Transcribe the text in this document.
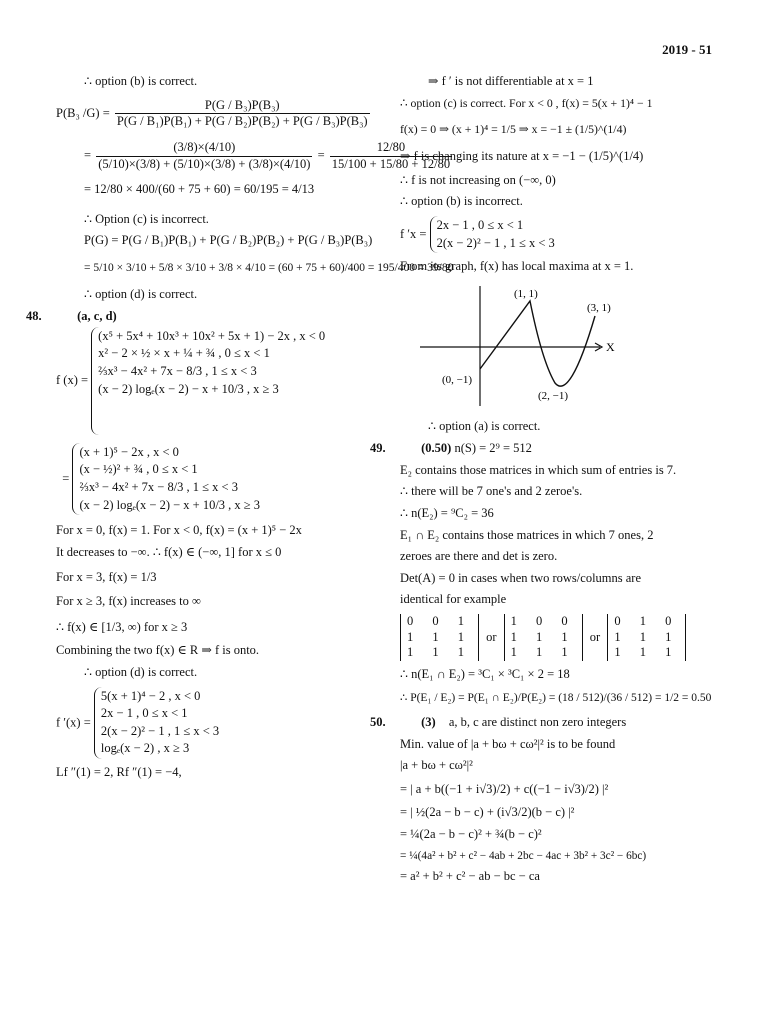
2019 - 51
∴ option (b) is correct.
P(B₃ $/G) = \frac{\text{P(G / B₃)P(B₃)}}{\text{P(G / B₁)P(B₁) + P(G / B₂)P(B₂) + P(G / B₃)P(B₃)}}$
= $\frac{(3/8)\times(4/10)}{(5/10)\times(3/8) + (5/10)\times(3/8) + (3/8)\times(4/10)} = \frac{12/80}{15/100 + 15/80 + 12/80}$
= 12/80 × 400/(60 + 75 + 60) = 60/195 = 4/13
∴ Option (c) is incorrect.
P(G) = P(G / B₁)P(B₁) + P(G / B₂)P(B₂) + P(G / B₃)P(B₃)
= 5/10 × 3/10 + 5/8 × 3/10 + 3/8 × 4/10 = (60 + 75 + 60)/400 = 195/400 = 39/80
∴ option (d) is correct.
48.	(a, c, d)
f (x) =
(x⁵ + 5x⁴ + 10x³ + 10x² + 5x + 1) − 2x , x < 0
x² − 2 × ½ × x + ¼ + ¾ , 0 ≤ x < 1
⅔x³ − 4x² + 7x − 8/3 , 1 ≤ x < 3
(x − 2) logₑ(x − 2) − x + 10/3 , x ≥ 3
=
(x + 1)⁵ − 2x , x < 0
(x − ½)² + ¾ , 0 ≤ x < 1
⅔x³ − 4x² + 7x − 8/3 , 1 ≤ x < 3
(x − 2) logₑ(x − 2) − x + 10/3 , x ≥ 3
For x = 0, f(x) = 1. For x < 0, f(x) = (x + 1)⁵ − 2x
It decreases to −∞. ∴ f(x) ∈ (−∞, 1] for x ≤ 0
For x = 3, f(x) = 1/3
For x ≥ 3, f(x) increases to ∞
∴ f(x) ∈ [1/3, ∞) for x ≥ 3
Combining the two f(x) ∈ R ⇒ f is onto.
∴ option (d) is correct.
f ′(x) =
5(x + 1)⁴ − 2 , x < 0
2x − 1 , 0 ≤ x < 1
2(x − 2)² − 1 , 1 ≤ x < 3
logₑ(x − 2) , x ≥ 3
Lf ″(1) = 2, Rf ″(1) = −4,
⇒ f ′ is not differentiable at x = 1
∴ option (c) is correct. For x < 0 , f(x) = 5(x + 1)⁴ − 1
f(x) = 0 ⇒ (x + 1)⁴ = 1/5 ⇒ x = −1 ± (1/5)^(1/4)
⇒ f is changing its nature at x = −1 − (1/5)^(1/4)
∴ f is not increasing on (−∞, 0)
∴ option (b) is incorrect.
f ′x =
2x − 1 , 0 ≤ x < 1
2(x − 2)² − 1 , 1 ≤ x < 3
From its graph, f(x) has local maxima at x = 1.
(1, 1)
(3, 1)
(0, −1)
(2, −1)
X
∴ option (a) is correct.
49.	(0.50) n(S) = 2⁹ = 512
E₂ contains those matrices in which sum of entries is 7.
∴ there will be 7 one's and 2 zeroe's.
∴ n(E₂) = ⁹C₂ = 36
E₁ ∩ E₂ contains those matrices in which 7 ones, 2
zeroes are there and det is zero.
Det(A) = 0 in cases when two rows/columns are
identical for example
0 0 1
1 1 1
1 1 1
or
1 0 0
1 1 1
1 1 1
or
0 1 0
1 1 1
1 1 1
∴ n(E₁ ∩ E₂) = ³C₁ × ³C₁ × 2 = 18
∴ P(E₁ / E₂) = P(E₁ ∩ E₂)/P(E₂) = (18 / 512)/(36 / 512) = 1/2 = 0.50
50.	(3) a, b, c are distinct non zero integers
Min. value of |a + bω + cω²|² is to be found
|a + bω + cω²|²
= | a + b((−1 + i√3)/2) + c((−1 − i√3)/2) |²
= | ½(2a − b − c) + (i√3/2)(b − c) |²
= ¼(2a − b − c)² + ¾(b − c)²
= ¼(4a² + b² + c² − 4ab + 2bc − 4ac + 3b² + 3c² − 6bc)
= a² + b² + c² − ab − bc − ca
